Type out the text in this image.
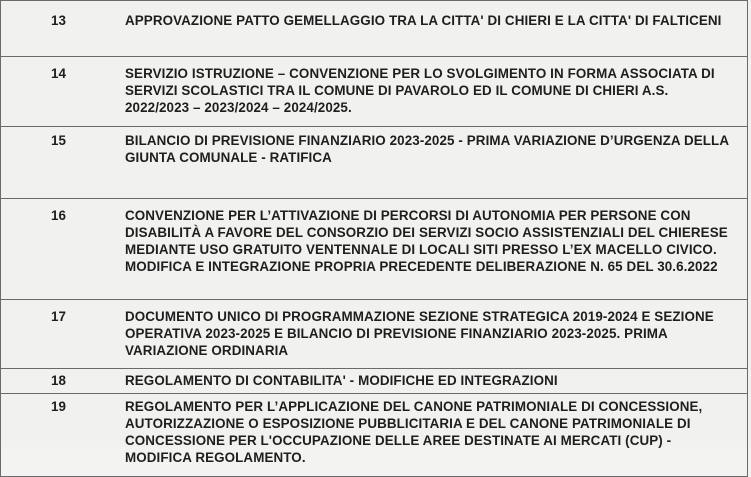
13	APPROVAZIONE PATTO GEMELLAGGIO TRA LA CITTA' DI CHIERI E LA CITTA' DI FALTICENI

14	SERVIZIO ISTRUZIONE – CONVENZIONE PER LO SVOLGIMENTO IN FORMA ASSOCIATA DI SERVIZI SCOLASTICI TRA IL COMUNE DI PAVAROLO ED IL COMUNE DI CHIERI A.S. 2022/2023 – 2023/2024 – 2024/2025.

15	BILANCIO DI PREVISIONE FINANZIARIO 2023-2025 - PRIMA VARIAZIONE D’URGENZA DELLA GIUNTA COMUNALE - RATIFICA

16	CONVENZIONE PER L’ATTIVAZIONE DI PERCORSI DI AUTONOMIA PER PERSONE CON DISABILITÀ A FAVORE DEL CONSORZIO DEI SERVIZI SOCIO ASSISTENZIALI DEL CHIERESE MEDIANTE USO GRATUITO VENTENNALE DI LOCALI SITI PRESSO L’EX MACELLO CIVICO. MODIFICA E INTEGRAZIONE PROPRIA PRECEDENTE DELIBERAZIONE N. 65 DEL 30.6.2022

17	DOCUMENTO UNICO DI PROGRAMMAZIONE SEZIONE STRATEGICA 2019-2024 E SEZIONE OPERATIVA 2023-2025 E BILANCIO DI PREVISIONE FINANZIARIO 2023-2025. PRIMA VARIAZIONE ORDINARIA

18	REGOLAMENTO DI CONTABILITA' - MODIFICHE ED INTEGRAZIONI

19	REGOLAMENTO PER L’APPLICAZIONE DEL CANONE PATRIMONIALE DI CONCESSIONE, AUTORIZZAZIONE O ESPOSIZIONE PUBBLICITARIA E DEL CANONE PATRIMONIALE DI CONCESSIONE PER L'OCCUPAZIONE DELLE AREE DESTINATE AI MERCATI (CUP) - MODIFICA REGOLAMENTO.
